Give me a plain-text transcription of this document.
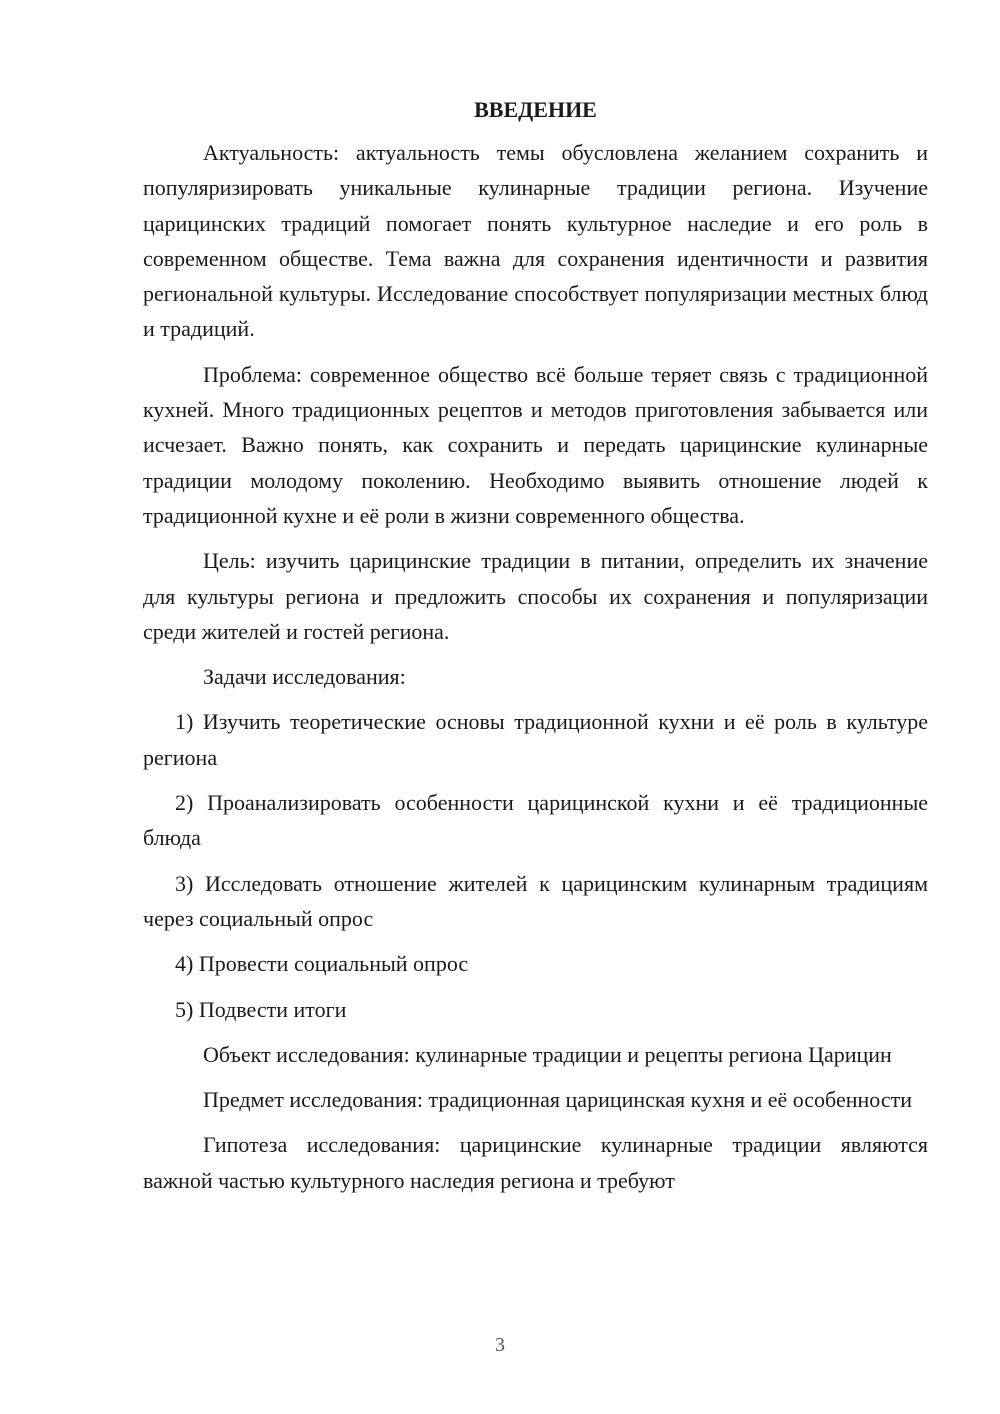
ВВЕДЕНИЕ

Актуальность: актуальность темы обусловлена желанием сохранить и популяризировать уникальные кулинарные традиции региона. Изучение царицинских традиций помогает понять культурное наследие и его роль в современном обществе. Тема важна для сохранения идентичности и развития региональной культуры. Исследование способствует популяризации местных блюд и традиций.

Проблема: современное общество всё больше теряет связь с традиционной кухней. Много традиционных рецептов и методов приготовления забывается или исчезает. Важно понять, как сохранить и передать царицинские кулинарные традиции молодому поколению. Необходимо выявить отношение людей к традиционной кухне и её роли в жизни современного общества.

Цель: изучить царицинские традиции в питании, определить их значение для культуры региона и предложить способы их сохранения и популяризации среди жителей и гостей региона.

Задачи исследования:

1) Изучить теоретические основы традиционной кухни и её роль в культуре региона

2) Проанализировать особенности царицинской кухни и её традиционные блюда

3) Исследовать отношение жителей к царицинским кулинарным традициям через социальный опрос

4) Провести социальный опрос

5) Подвести итоги

Объект исследования: кулинарные традиции и рецепты региона Царицин

Предмет исследования: традиционная царицинская кухня и её особенности

Гипотеза исследования: царицинские кулинарные традиции являются важной частью культурного наследия региона и требуют

3
